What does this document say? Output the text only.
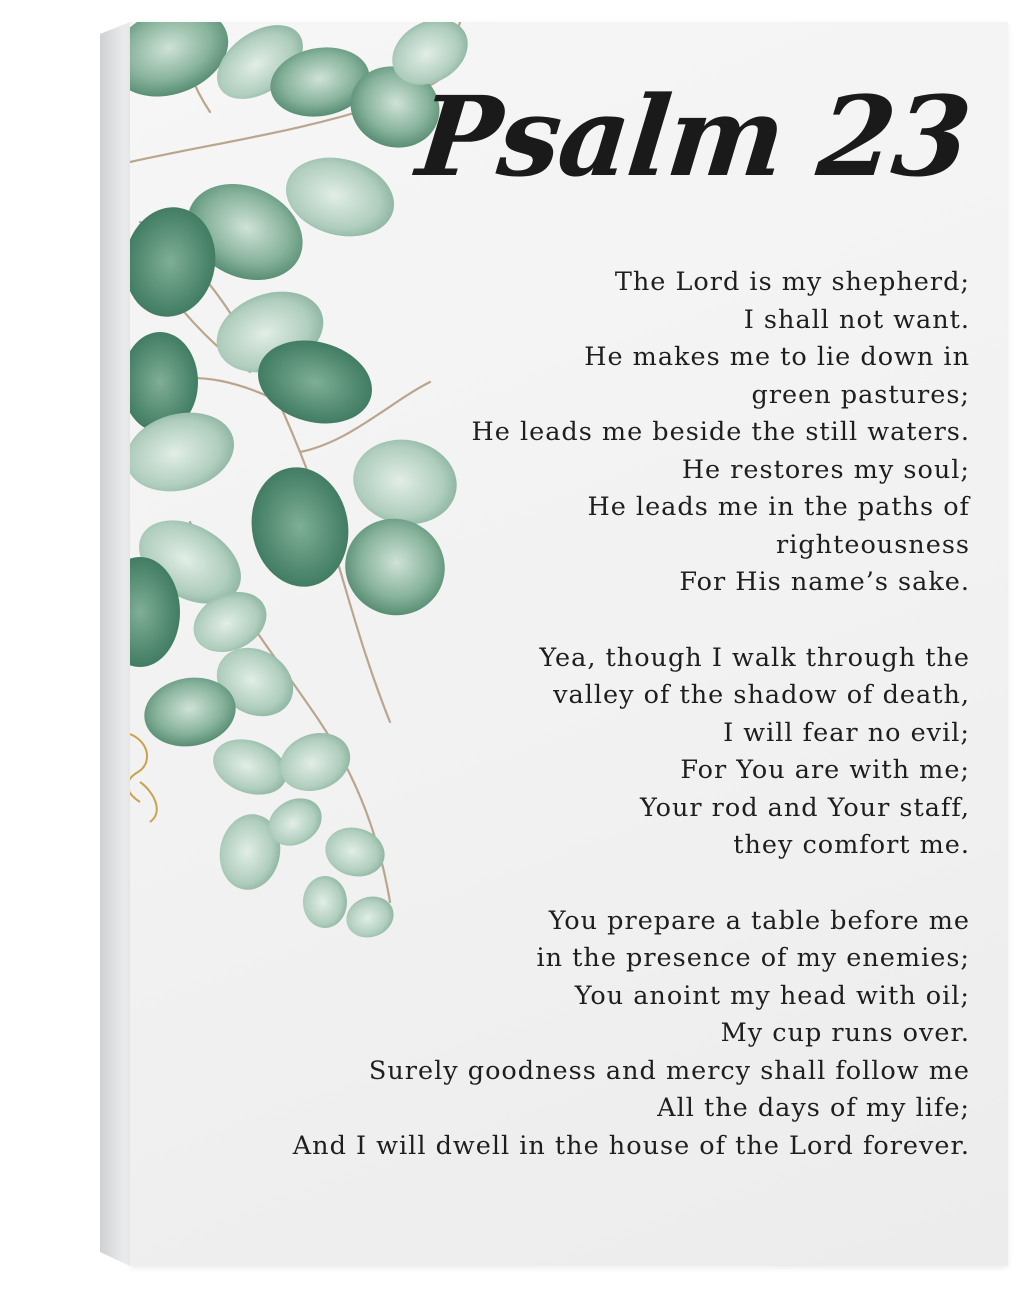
Psalm 23
The Lord is my shepherd;
I shall not want.
He makes me to lie down in
green pastures;
He leads me beside the still waters.
He restores my soul;
He leads me in the paths of
righteousness
For His name’s sake.
Yea, though I walk through the
valley of the shadow of death,
I will fear no evil;
For You are with me;
Your rod and Your staff,
they comfort me.
You prepare a table before me
in the presence of my enemies;
You anoint my head with oil;
My cup runs over.
Surely goodness and mercy shall follow me
All the days of my life;
And I will dwell in the house of the Lord forever.
